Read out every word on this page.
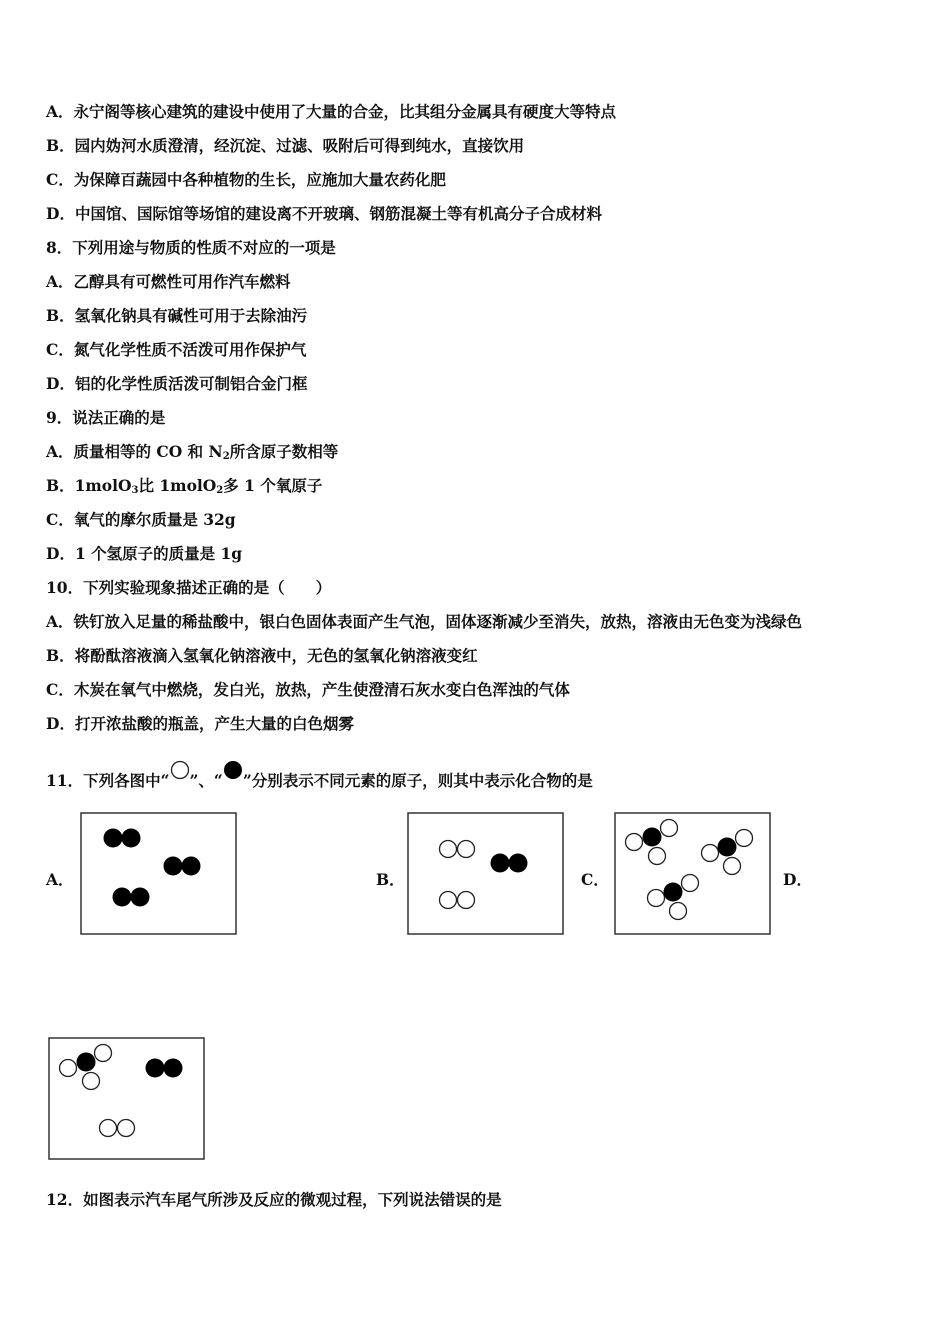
A．永宁阁等核心建筑的建设中使用了大量的合金，比其组分金属具有硬度大等特点
B．园内妫河水质澄清，经沉淀、过滤、吸附后可得到纯水，直接饮用
C．为保障百蔬园中各种植物的生长，应施加大量农药化肥
D．中国馆、国际馆等场馆的建设离不开玻璃、钢筋混凝土等有机高分子合成材料
8．下列用途与物质的性质不对应的一项是
A．乙醇具有可燃性可用作汽车燃料
B．氢氧化钠具有碱性可用于去除油污
C．氮气化学性质不活泼可用作保护气
D．铝的化学性质活泼可制铝合金门框
9．说法正确的是
A．质量相等的 CO 和 $N_2$所含原子数相等
B．1molO$_3$比 1molO$_2$多 1 个氧原子
C．氧气的摩尔质量是 32g
D．1 个氢原子的质量是 1g
10．下列实验现象描述正确的是（　　）
A．铁钉放入足量的稀盐酸中，银白色固体表面产生气泡，固体逐渐减少至消失，放热，溶液由无色变为浅绿色
B．将酚酞溶液滴入氢氧化钠溶液中，无色的氢氧化钠溶液变红
C．木炭在氧气中燃烧，发白光，放热，产生使澄清石灰水变白色浑浊的气体
D．打开浓盐酸的瓶盖，产生大量的白色烟雾
11．下列各图中“ ”、“ ”分别表示不同元素的原子，则其中表示化合物的是
A．	B．	C．	D．
12．如图表示汽车尾气所涉及反应的微观过程，下列说法错误的是
